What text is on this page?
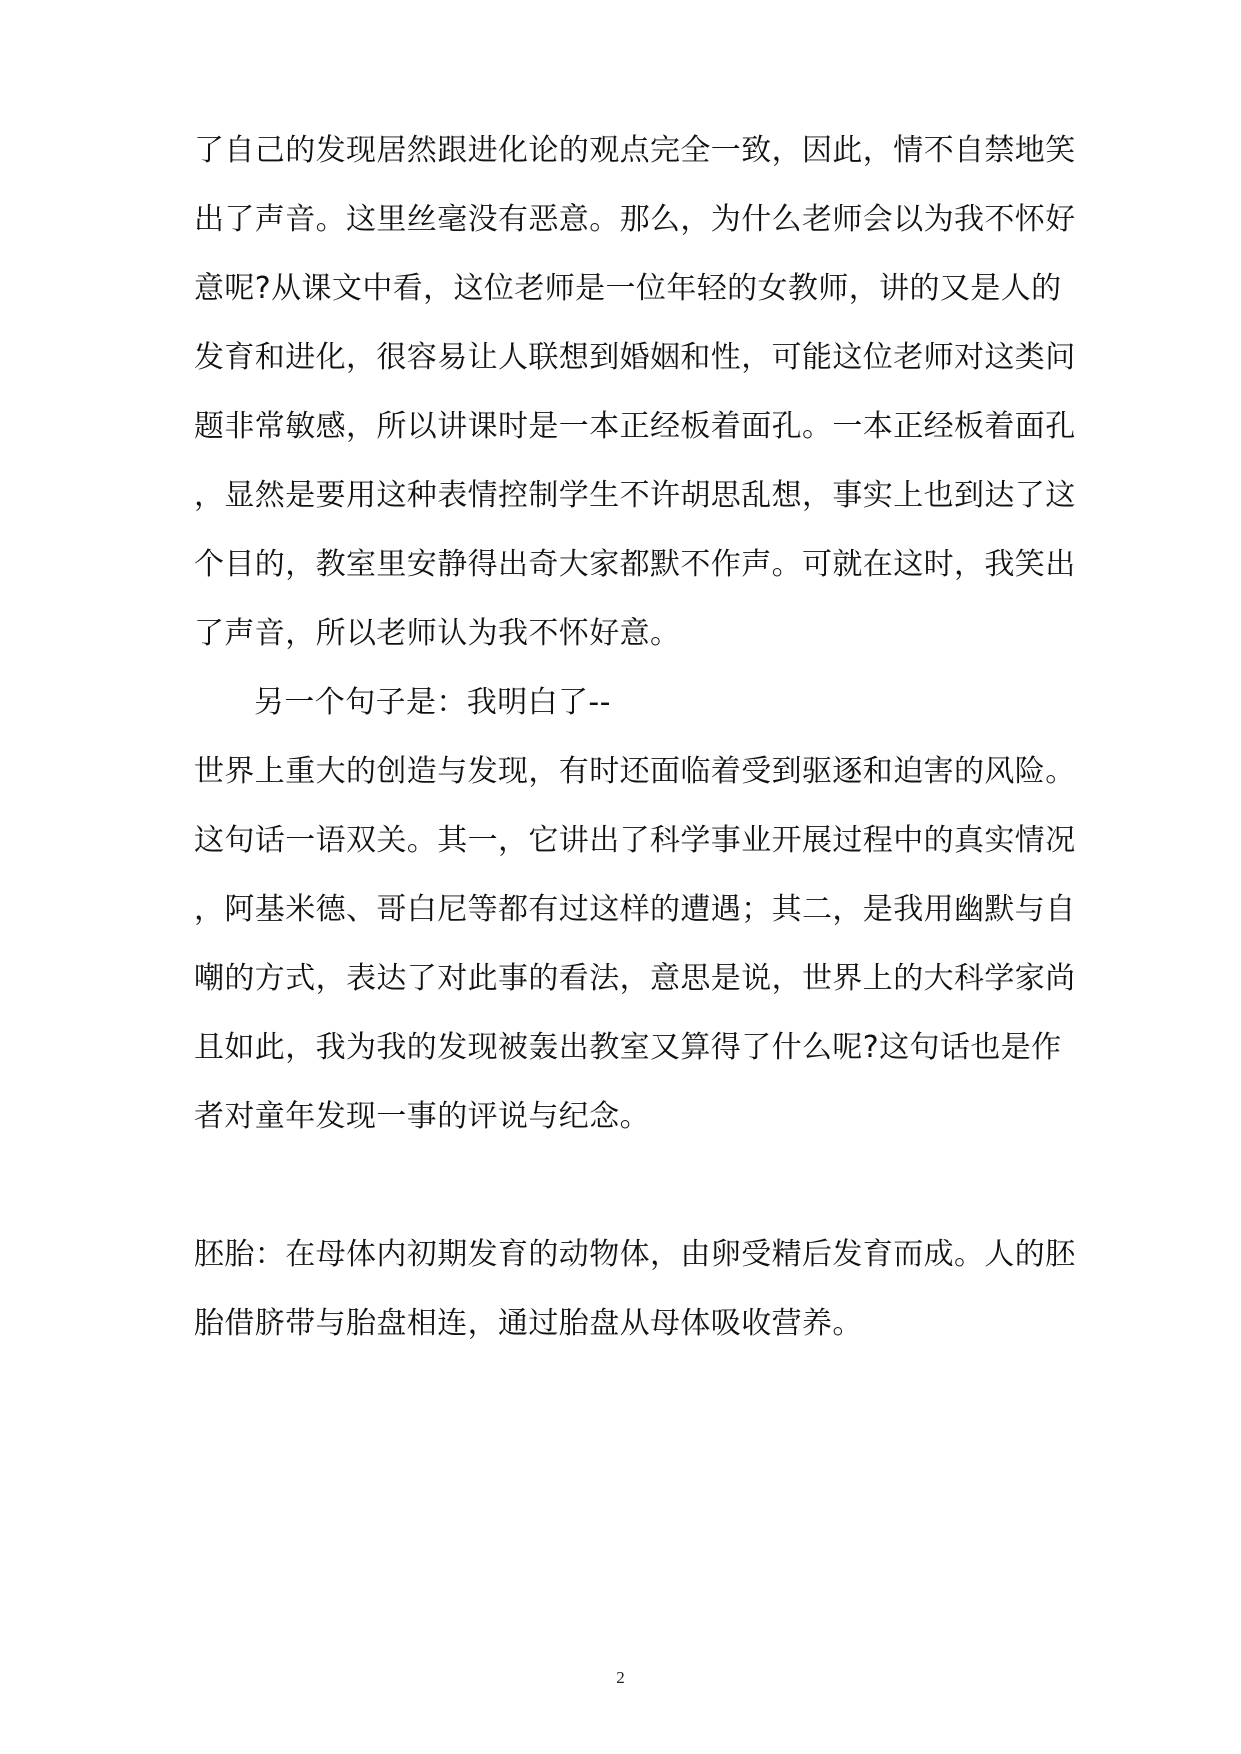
了自己的发现居然跟进化论的观点完全一致，因此，情不自禁地笑
出了声音。这里丝毫没有恶意。那么，为什么老师会以为我不怀好
意呢?从课文中看，这位老师是一位年轻的女教师，讲的又是人的
发育和进化，很容易让人联想到婚姻和性，可能这位老师对这类问
题非常敏感，所以讲课时是一本正经板着面孔。一本正经板着面孔
，显然是要用这种表情控制学生不许胡思乱想，事实上也到达了这
个目的，教室里安静得出奇大家都默不作声。可就在这时，我笑出
了声音，所以老师认为我不怀好意。
另一个句子是：我明白了--
世界上重大的创造与发现，有时还面临着受到驱逐和迫害的风险。
这句话一语双关。其一，它讲出了科学事业开展过程中的真实情况
，阿基米德、哥白尼等都有过这样的遭遇；其二，是我用幽默与自
嘲的方式，表达了对此事的看法，意思是说，世界上的大科学家尚
且如此，我为我的发现被轰出教室又算得了什么呢?这句话也是作
者对童年发现一事的评说与纪念。
胚胎：在母体内初期发育的动物体，由卵受精后发育而成。人的胚
胎借脐带与胎盘相连，通过胎盘从母体吸收营养。
2
